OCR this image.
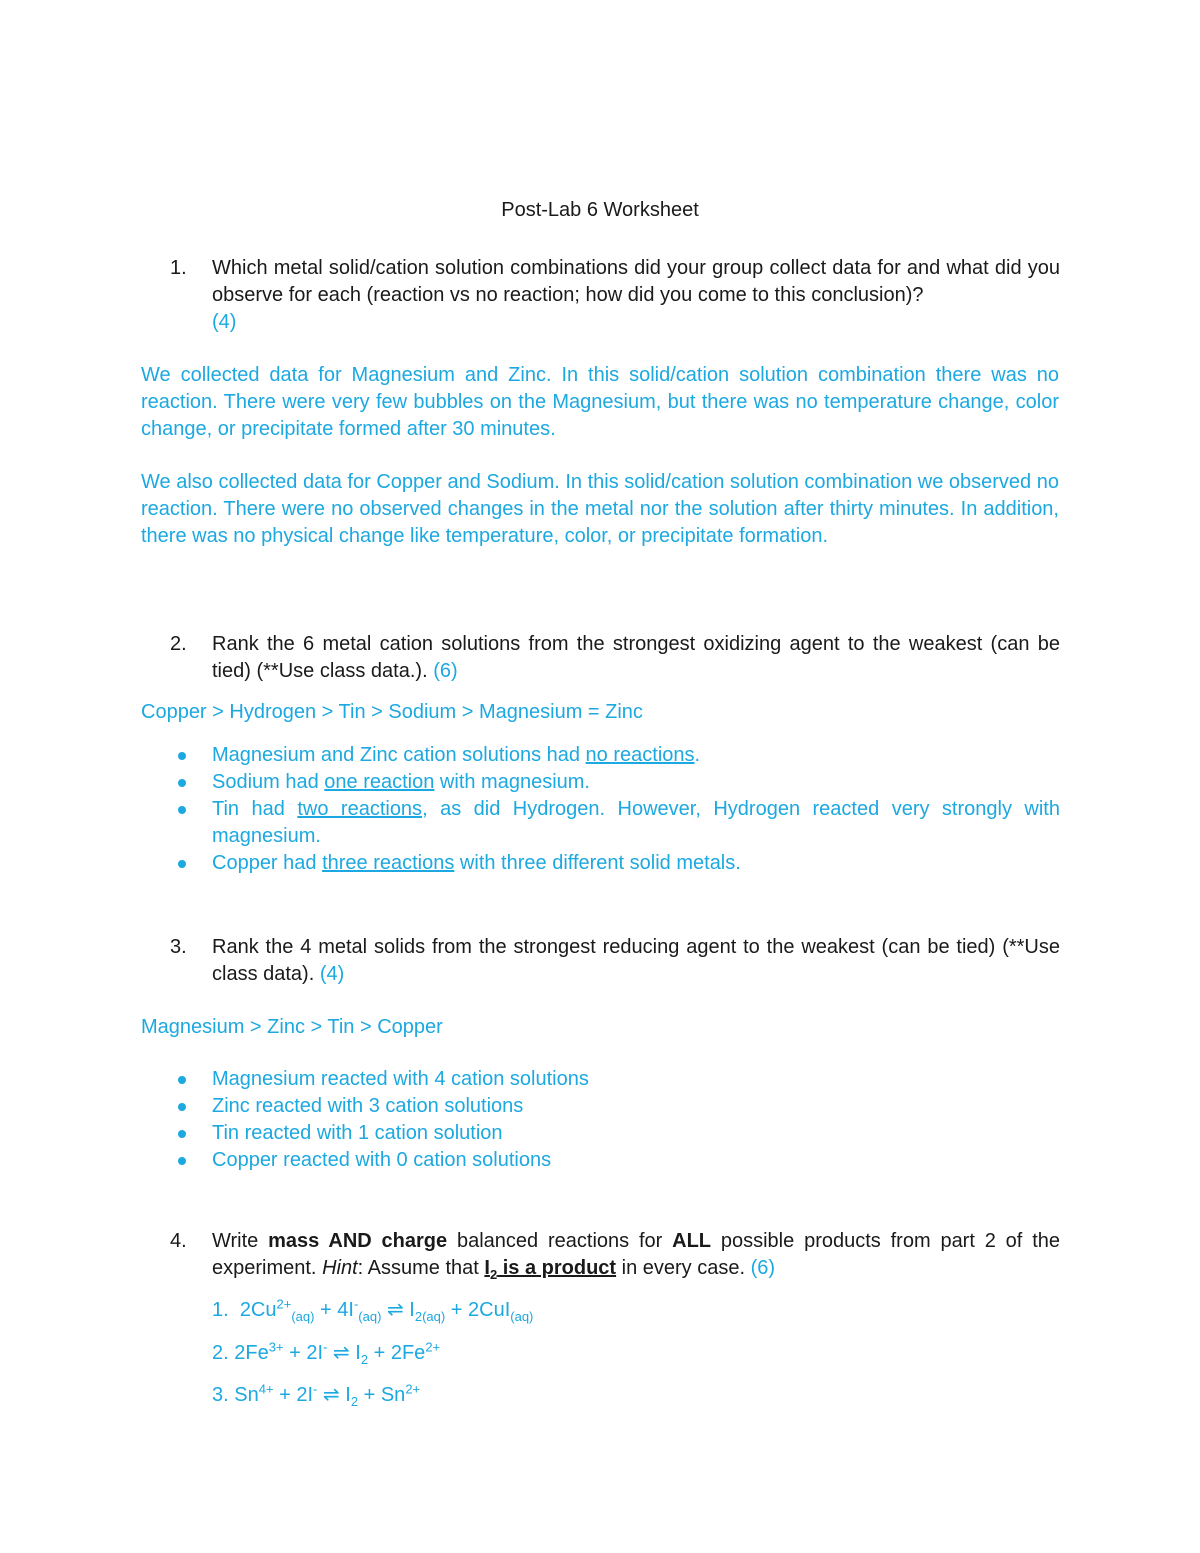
Post-Lab 6 Worksheet

1. Which metal solid/cation solution combinations did your group collect data for and what did you observe for each (reaction vs no reaction; how did you come to this conclusion)?
(4)

We collected data for Magnesium and Zinc. In this solid/cation solution combination there was no reaction. There were very few bubbles on the Magnesium, but there was no temperature change, color change, or precipitate formed after 30 minutes.

We also collected data for Copper and Sodium. In this solid/cation solution combination we observed no reaction. There were no observed changes in the metal nor the solution after thirty minutes. In addition, there was no physical change like temperature, color, or precipitate formation.

2. Rank the 6 metal cation solutions from the strongest oxidizing agent to the weakest (can be tied) (**Use class data.). (6)

Copper > Hydrogen > Tin > Sodium > Magnesium = Zinc

Magnesium and Zinc cation solutions had no reactions.
Sodium had one reaction with magnesium.
Tin had two reactions, as did Hydrogen. However, Hydrogen reacted very strongly with magnesium.
Copper had three reactions with three different solid metals.
3. Rank the 4 metal solids from the strongest reducing agent to the weakest (can be tied) (**Use class data). (4)

Magnesium > Zinc > Tin > Copper

Magnesium reacted with 4 cation solutions
Zinc reacted with 3 cation solutions
Tin reacted with 1 cation solution
Copper reacted with 0 cation solutions
4. Write mass AND charge balanced reactions for ALL possible products from part 2 of the experiment. Hint: Assume that $I_2$ is a product in every case. (6)
1. $2Cu^{2+}_{(aq)} + 4I^-_{(aq)}$ ⇌ $I_{2(aq)} + 2CuI_{(aq)}$
2. $2Fe^{3+} + 2I^-$ ⇌ $I_2 + 2Fe^{2+}$
3. $Sn^{4+} + 2I^-$ ⇌ $I_2 + Sn^{2+}$
